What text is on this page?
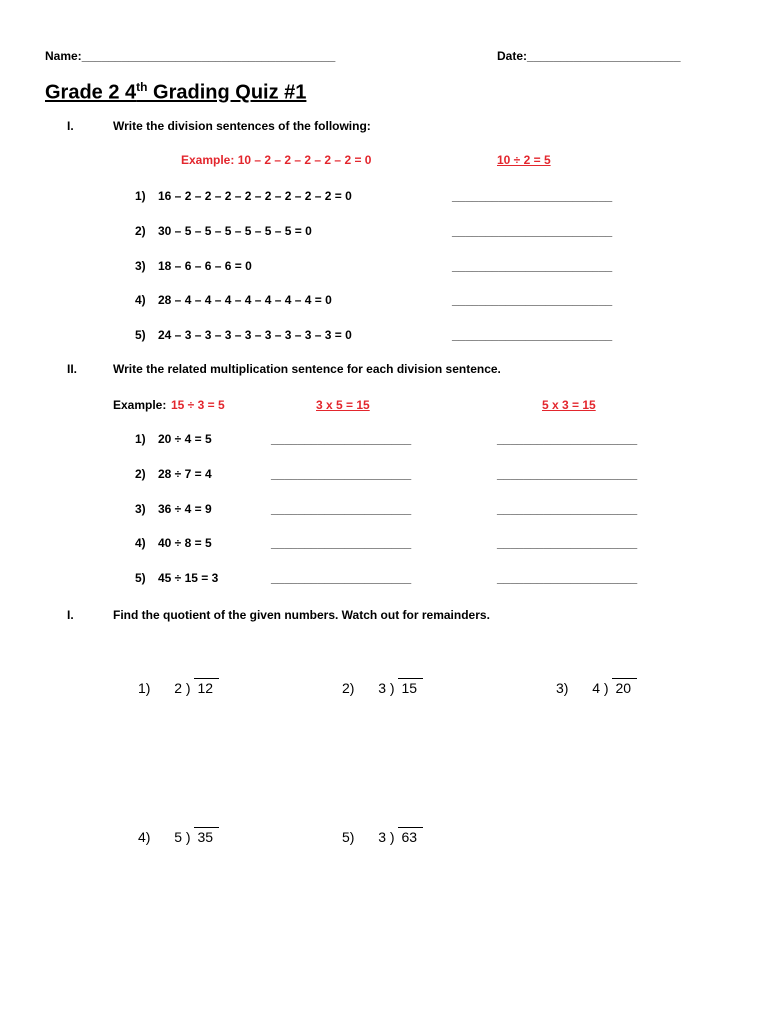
Name:______________________________________	Date:_______________________
Grade 2 4th Grading Quiz #1
I.	Write the division sentences of the following:
Example: 10 – 2 – 2 – 2 – 2 – 2 = 0	10 ÷ 2 = 5
1) 16 – 2 – 2 – 2 – 2 – 2 – 2 – 2 – 2 = 0	________________________
2) 30 – 5 – 5 – 5 – 5 – 5 – 5 = 0	________________________
3) 18 – 6 – 6 – 6 = 0	________________________
4) 28 – 4 – 4 – 4 – 4 – 4 – 4 – 4 = 0	________________________
5) 24 – 3 – 3 – 3 – 3 – 3 – 3 – 3 – 3 = 0	________________________
II.	Write the related multiplication sentence for each division sentence.
Example: 15 ÷ 3 = 5	3 x 5 = 15	5 x 3 = 15
1) 20 ÷ 4 = 5	_____________________	_____________________
2) 28 ÷ 7 = 4	_____________________	_____________________
3) 36 ÷ 4 = 9	_____________________	_____________________
4) 40 ÷ 8 = 5	_____________________	_____________________
5) 45 ÷ 15 = 3	_____________________	_____________________
I.	Find the quotient of the given numbers. Watch out for remainders.
1) 2 ) 12	2) 3 ) 15	3) 4 ) 20
4) 5 ) 35	5) 3 ) 63
